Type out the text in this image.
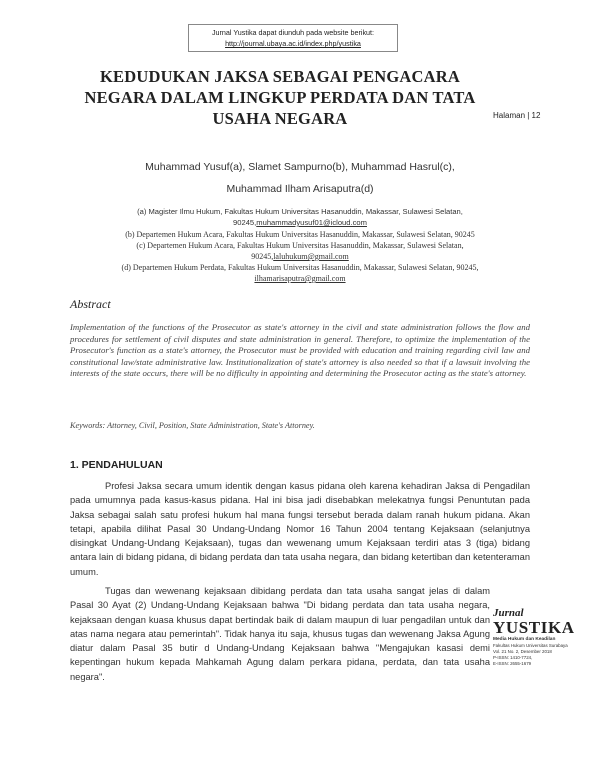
Jurnal Yustika dapat diunduh pada website berikut:
http://journal.ubaya.ac.id/index.php/yustika
KEDUDUKAN JAKSA SEBAGAI PENGACARA
NEGARA DALAM LINGKUP PERDATA DAN TATA
USAHA NEGARA	Halaman | 12
Muhammad Yusuf(a), Slamet Sampurno(b), Muhammad Hasrul(c),
Muhammad Ilham Arisaputra(d)
(a) Magister Ilmu Hukum, Fakultas Hukum Universitas Hasanuddin, Makassar, Sulawesi Selatan,
90245,muhammadyusuf01@icloud.com
(b) Departemen Hukum Acara, Fakultas Hukum Universitas Hasanuddin, Makassar, Sulawesi Selatan, 90245
(c) Departemen Hukum Acara, Fakultas Hukum Universitas Hasanuddin, Makassar, Sulawesi Selatan,
90245,laluhukum@gmail.com
(d) Departemen Hukum Perdata, Fakultas Hukum Universitas Hasanuddin, Makassar, Sulawesi Selatan, 90245,
ilhamarisaputra@gmail.com
Abstract
Implementation of the functions of the Prosecutor as state's attorney in the civil and state administration follows the flow and procedures for settlement of civil disputes and state administration in general. Therefore, to optimize the implementation of the Prosecutor's function as a state's attorney, the Prosecutor must be provided with education and training regarding civil law and constitutional law/state administrative law. Institutionalization of state's attorney is also needed so that if a lawsuit involving the interests of the state occurs, there will be no difficulty in appointing and determining the Prosecutor acting as the state's attorney.
Keywords: Attorney, Civil, Position, State Administration, State's Attorney.
1. PENDAHULUAN

Profesi Jaksa secara umum identik dengan kasus pidana oleh karena kehadiran Jaksa di Pengadilan pada umumnya pada kasus-kasus pidana. Hal ini bisa jadi disebabkan melekatnya fungsi Penuntutan pada Jaksa sebagai salah satu profesi hukum hal mana fungsi tersebut berada dalam ranah hukum pidana. Akan tetapi, apabila dilihat Pasal 30 Undang-Undang Nomor 16 Tahun 2004 tentang Kejaksaan (selanjutnya disingkat Undang-Undang Kejaksaan), tugas dan wewenang umum Kejaksaan terdiri atas 3 (tiga) bidang antara lain di bidang pidana, di bidang perdata dan tata usaha negara, dan bidang ketertiban dan ketenteraman umum.

Tugas dan wewenang kejaksaan dibidang perdata dan tata usaha sangat jelas di dalam Pasal 30 Ayat (2) Undang-Undang Kejaksaan bahwa "Di bidang perdata dan tata usaha negara, kejaksaan dengan kuasa khusus dapat bertindak baik di dalam maupun di luar pengadilan untuk dan atas nama negara atau pemerintah". Tidak hanya itu saja, khusus tugas dan wewenang Jaksa Agung diatur dalam Pasal 35 butir d Undang-Undang Kejaksaan bahwa "Mengajukan kasasi demi kepentingan hukum kepada Mahkamah Agung dalam perkara pidana, perdata, dan tata usaha negara".

Jurnal
YUSTIKA
Media Hukum dan Keadilan
Fakultas Hukum Universitas Surabaya
Vol. 21 No. 2, Desember 2018
P-ISSN: 1410-7724,
E-ISSN: 2655-1679
